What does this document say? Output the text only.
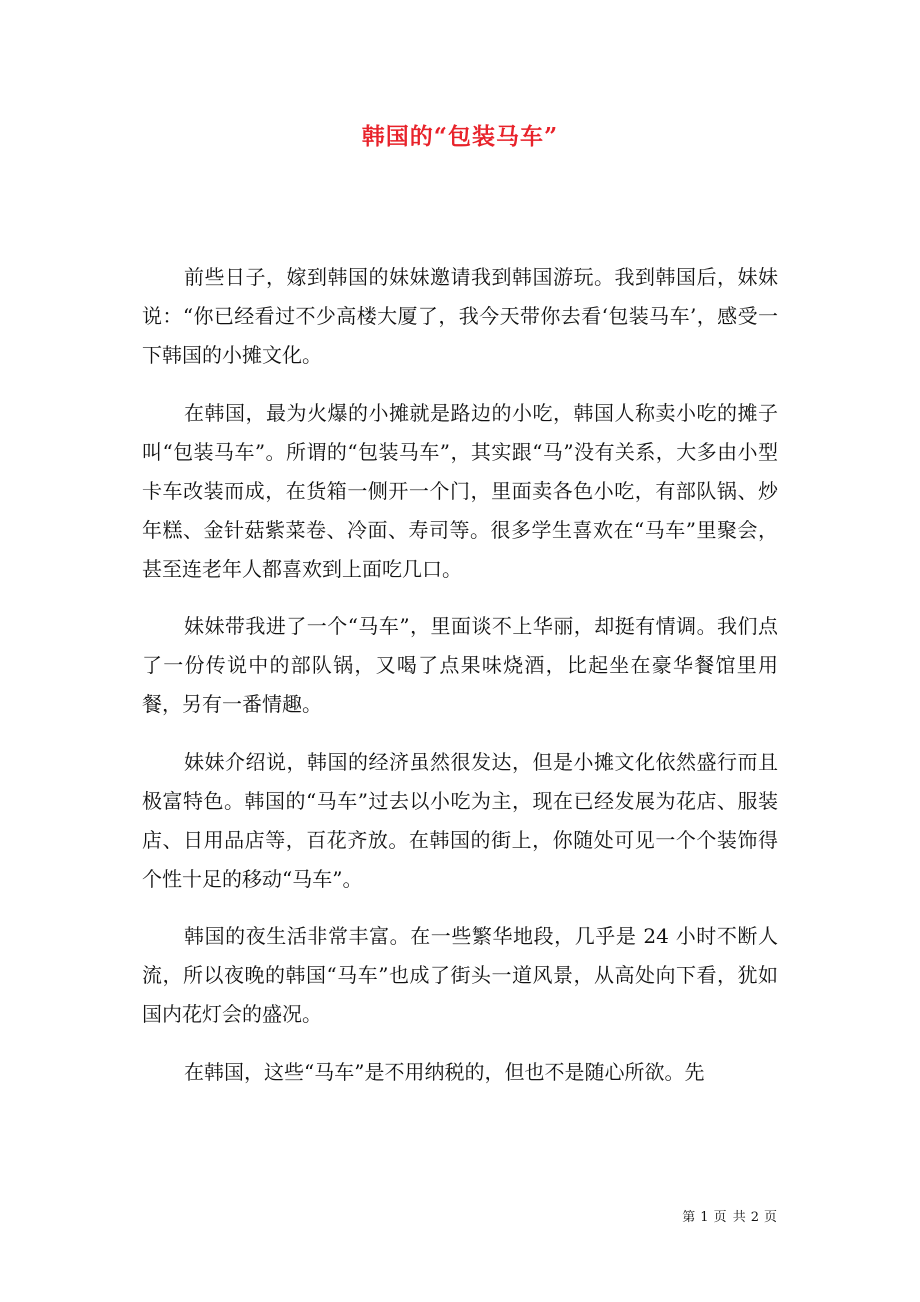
韩国的“包装马车”

前些日子，嫁到韩国的妹妹邀请我到韩国游玩。我到韩国后，妹妹说：“你已经看过不少高楼大厦了，我今天带你去看‘包装马车’，感受一下韩国的小摊文化。

在韩国，最为火爆的小摊就是路边的小吃，韩国人称卖小吃的摊子叫“包装马车”。所谓的“包装马车”，其实跟“马”没有关系，大多由小型卡车改装而成，在货箱一侧开一个门，里面卖各色小吃，有部队锅、炒年糕、金针菇紫菜卷、冷面、寿司等。很多学生喜欢在“马车”里聚会，甚至连老年人都喜欢到上面吃几口。

妹妹带我进了一个“马车”，里面谈不上华丽，却挺有情调。我们点了一份传说中的部队锅，又喝了点果味烧酒，比起坐在豪华餐馆里用餐，另有一番情趣。

妹妹介绍说，韩国的经济虽然很发达，但是小摊文化依然盛行而且极富特色。韩国的“马车”过去以小吃为主，现在已经发展为花店、服装店、日用品店等，百花齐放。在韩国的街上，你随处可见一个个装饰得个性十足的移动“马车”。

韩国的夜生活非常丰富。在一些繁华地段，几乎是 24 小时不断人流，所以夜晚的韩国“马车”也成了街头一道风景，从高处向下看，犹如国内花灯会的盛况。

在韩国，这些“马车”是不用纳税的，但也不是随心所欲。先

第 1 页 共 2 页
